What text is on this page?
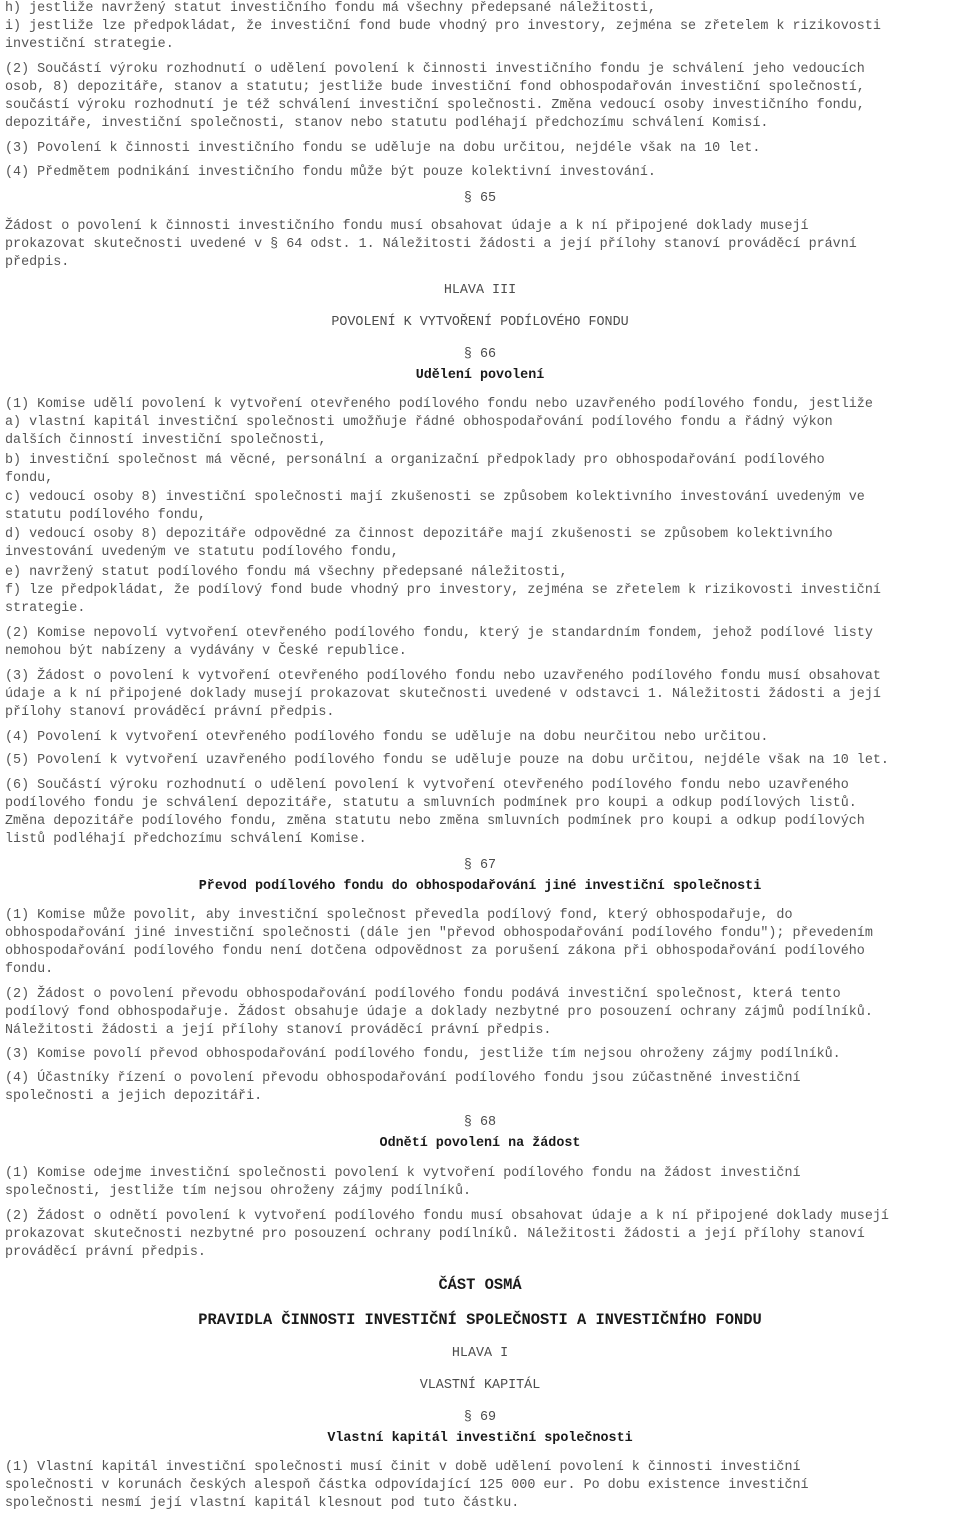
h) jestliže navržený statut investičního fondu má všechny předepsané náležitosti,
i) jestliže lze předpokládat, že investiční fond bude vhodný pro investory, zejména se zřetelem k rizikovosti
investiční strategie.
(2) Součástí výroku rozhodnutí o udělení povolení k činnosti investičního fondu je schválení jeho vedoucích
osob, 8) depozitáře, stanov a statutu; jestliže bude investiční fond obhospodařován investiční společností,
součástí výroku rozhodnutí je též schválení investiční společnosti. Změna vedoucí osoby investičního fondu,
depozitáře, investiční společnosti, stanov nebo statutu podléhají předchozímu schválení Komisí.
(3) Povolení k činnosti investičního fondu se uděluje na dobu určitou, nejdéle však na 10 let.
(4) Předmětem podnikání investičního fondu může být pouze kolektivní investování.
§ 65
Žádost o povolení k činnosti investičního fondu musí obsahovat údaje a k ní připojené doklady musejí
prokazovat skutečnosti uvedené v § 64 odst. 1. Náležitosti žádosti a její přílohy stanoví prováděcí právní
předpis.
HLAVA III
POVOLENÍ K VYTVOŘENÍ PODÍLOVÉHO FONDU
§ 66
Udělení povolení
(1) Komise udělí povolení k vytvoření otevřeného podílového fondu nebo uzavřeného podílového fondu, jestliže
a) vlastní kapitál investiční společnosti umožňuje řádné obhospodařování podílového fondu a řádný výkon
dalších činností investiční společnosti,
b) investiční společnost má věcné, personální a organizační předpoklady pro obhospodařování podílového
fondu,
c) vedoucí osoby 8) investiční společnosti mají zkušenosti se způsobem kolektivního investování uvedeným ve
statutu podílového fondu,
d) vedoucí osoby 8) depozitáře odpovědné za činnost depozitáře mají zkušenosti se způsobem kolektivního
investování uvedeným ve statutu podílového fondu,
e) navržený statut podílového fondu má všechny předepsané náležitosti,
f) lze předpokládat, že podílový fond bude vhodný pro investory, zejména se zřetelem k rizikovosti investiční
strategie.
(2) Komise nepovolí vytvoření otevřeného podílového fondu, který je standardním fondem, jehož podílové listy
nemohou být nabízeny a vydávány v České republice.
(3) Žádost o povolení k vytvoření otevřeného podílového fondu nebo uzavřeného podílového fondu musí obsahovat
údaje a k ní připojené doklady musejí prokazovat skutečnosti uvedené v odstavci 1. Náležitosti žádosti a její
přílohy stanoví prováděcí právní předpis.
(4) Povolení k vytvoření otevřeného podílového fondu se uděluje na dobu neurčitou nebo určitou.
(5) Povolení k vytvoření uzavřeného podílového fondu se uděluje pouze na dobu určitou, nejdéle však na 10 let.
(6) Součástí výroku rozhodnutí o udělení povolení k vytvoření otevřeného podílového fondu nebo uzavřeného
podílového fondu je schválení depozitáře, statutu a smluvních podmínek pro koupi a odkup podílových listů.
Změna depozitáře podílového fondu, změna statutu nebo změna smluvních podmínek pro koupi a odkup podílových
listů podléhají předchozímu schválení Komise.
§ 67
Převod podílového fondu do obhospodařování jiné investiční společnosti
(1) Komise může povolit, aby investiční společnost převedla podílový fond, který obhospodařuje, do
obhospodařování jiné investiční společnosti (dále jen "převod obhospodařování podílového fondu"); převedením
obhospodařování podílového fondu není dotčena odpovědnost za porušení zákona při obhospodařování podílového
fondu.
(2) Žádost o povolení převodu obhospodařování podílového fondu podává investiční společnost, která tento
podílový fond obhospodařuje. Žádost obsahuje údaje a doklady nezbytné pro posouzení ochrany zájmů podílníků.
Náležitosti žádosti a její přílohy stanoví prováděcí právní předpis.
(3) Komise povolí převod obhospodařování podílového fondu, jestliže tím nejsou ohroženy zájmy podílníků.
(4) Účastníky řízení o povolení převodu obhospodařování podílového fondu jsou zúčastněné investiční
společnosti a jejich depozitáři.
§ 68
Odnětí povolení na žádost
(1) Komise odejme investiční společnosti povolení k vytvoření podílového fondu na žádost investiční
společnosti, jestliže tím nejsou ohroženy zájmy podílníků.
(2) Žádost o odnětí povolení k vytvoření podílového fondu musí obsahovat údaje a k ní připojené doklady musejí
prokazovat skutečnosti nezbytné pro posouzení ochrany podílníků. Náležitosti žádosti a její přílohy stanoví
prováděcí právní předpis.
ČÁST OSMÁ
PRAVIDLA ČINNOSTI INVESTIČNÍ SPOLEČNOSTI A INVESTIČNÍHO FONDU
HLAVA I
VLASTNÍ KAPITÁL
§ 69
Vlastní kapitál investiční společnosti
(1) Vlastní kapitál investiční společnosti musí činit v době udělení povolení k činnosti investiční
společnosti v korunách českých alespoň částka odpovídající 125 000 eur. Po dobu existence investiční
společnosti nesmí její vlastní kapitál klesnout pod tuto částku.
